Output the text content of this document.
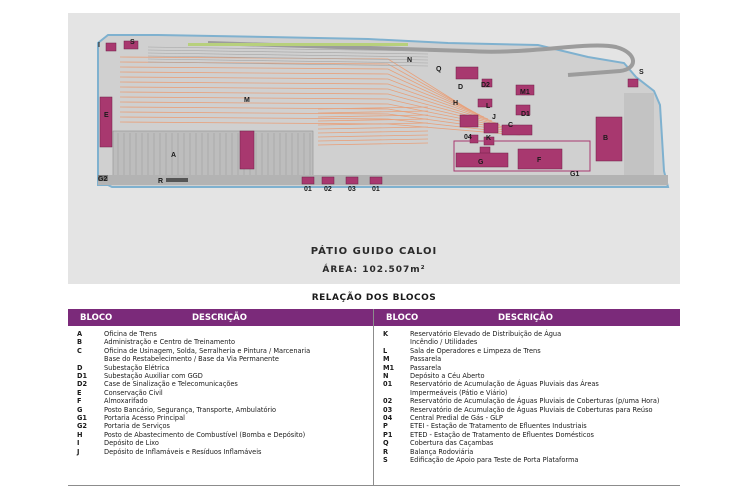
I	S
N
Q	S
E
M
D	D2
M1
H	L
D1
J
C
04 K	B
G	F
A
G2	R
01 02 03 01
G1
PÁTIO GUIDO CALOI
ÁREA: 102.507m²
RELAÇÃO DOS BLOCOS
BLOCO	DESCRIÇÃO
A	Oficina de Trens
B	Administração e Centro de Treinamento
C	Oficina de Usinagem, Solda, Serralheria e Pintura / Marcenaria
Base do Restabelecimento / Base da Via Permanente
D	Subestação Elétrica
D1	Subestação Auxiliar com GGD
D2	Case de Sinalização e Telecomunicações
E	Conservação Civil
F	Almoxarifado
G	Posto Bancário, Segurança, Transporte, Ambulatório
G1	Portaria Acesso Principal
G2	Portaria de Serviços
H	Posto de Abastecimento de Combustível (Bomba e Depósito)
I	Depósito de Lixo
J	Depósito de Inflamáveis e Resíduos Inflamáveis
BLOCO	DESCRIÇÃO
K	Reservatório Elevado de Distribuição de Água
Incêndio / Utilidades
L	Sala de Operadores e Limpeza de Trens
M	Passarela
M1	Passarela
N	Depósito a Céu Aberto
01	Reservatório de Acumulação de Águas Pluviais das Áreas
Impermeáveis (Pátio e Viário)
02	Reservatório de Acumulação de Águas Pluviais de Coberturas (p/uma Hora)
03	Reservatório de Acumulação de Águas Pluviais de Coberturas para Reúso
04	Central Predial de Gás - GLP
P	ETEI - Estação de Tratamento de Efluentes Industriais
P1	ETED - Estação de Tratamento de Efluentes Domésticos
Q	Cobertura das Caçambas
R	Balança Rodoviária
S	Edificação de Apoio para Teste de Porta Plataforma
